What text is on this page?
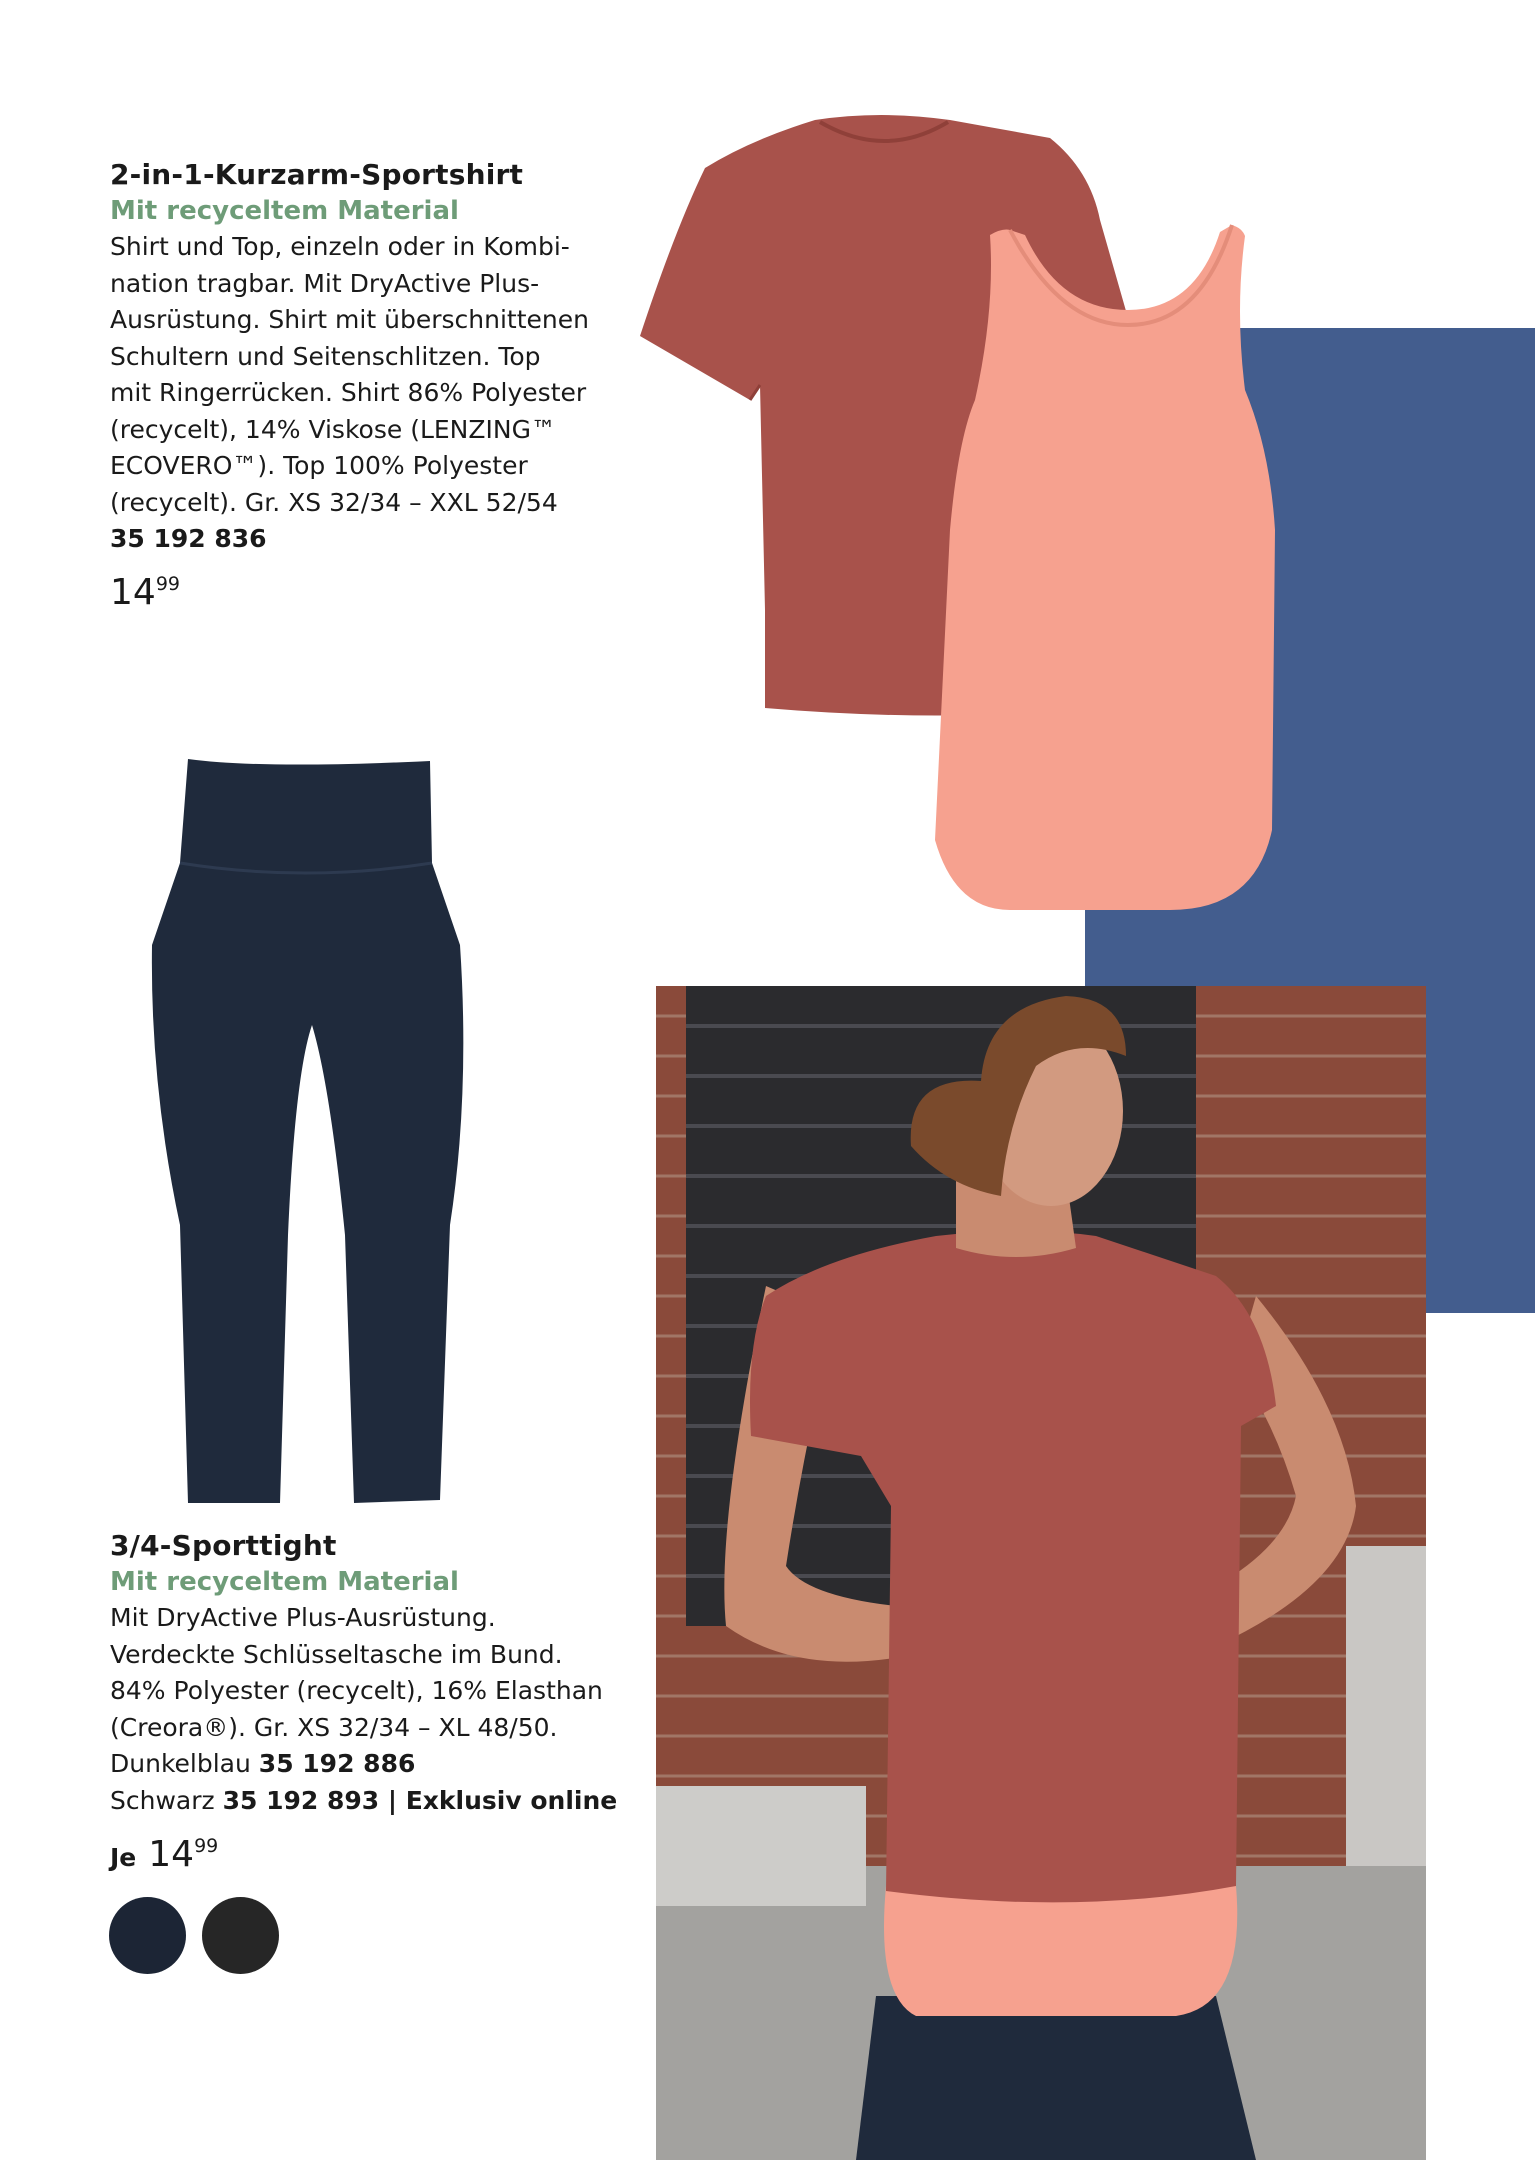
2-in-1-Kurzarm-Sportshirt
Mit recyceltem Material
Shirt und Top, einzeln oder in Kombi-
nation tragbar. Mit DryActive Plus-
Ausrüstung. Shirt mit überschnittenen
Schultern und Seitenschlitzen. Top
mit Ringerrücken. Shirt 86% Polyester
(recycelt), 14% Viskose (LENZING™
ECOVERO™). Top 100% Polyester
(recycelt). Gr. XS 32/34 – XXL 52/54
35 192 836
$14^{99}$
3/4-Sporttight
Mit recyceltem Material
Mit DryActive Plus-Ausrüstung.
Verdeckte Schlüsseltasche im Bund.
84% Polyester (recycelt), 16% Elasthan
(Creora®). Gr. XS 32/34 – XL 48/50.
Dunkelblau 35 192 886
Schwarz 35 192 893 | Exklusiv online
Je $14^{99}$
